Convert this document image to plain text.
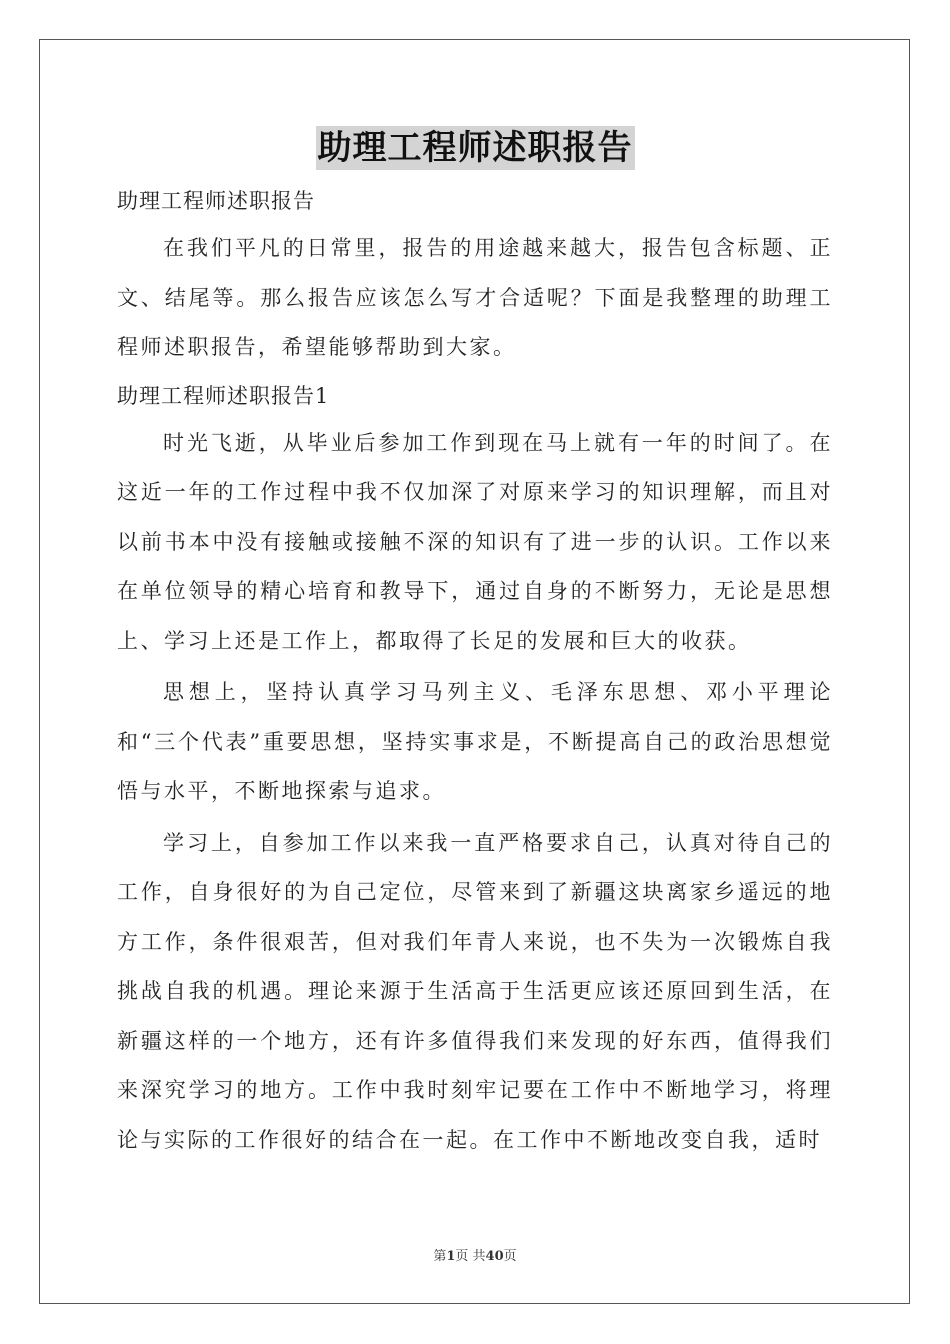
助理工程师述职报告

助理工程师述职报告

在我们平凡的日常里，报告的用途越来越大，报告包含标题、正文、结尾等。那么报告应该怎么写才合适呢？下面是我整理的助理工程师述职报告，希望能够帮助到大家。

助理工程师述职报告1

时光飞逝，从毕业后参加工作到现在马上就有一年的时间了。在这近一年的工作过程中我不仅加深了对原来学习的知识理解，而且对以前书本中没有接触或接触不深的知识有了进一步的认识。工作以来在单位领导的精心培育和教导下，通过自身的不断努力，无论是思想上、学习上还是工作上，都取得了长足的发展和巨大的收获。

思想上，坚持认真学习马列主义、毛泽东思想、邓小平理论和“三个代表”重要思想，坚持实事求是，不断提高自己的政治思想觉悟与水平，不断地探索与追求。

学习上，自参加工作以来我一直严格要求自己，认真对待自己的工作，自身很好的为自己定位，尽管来到了新疆这块离家乡遥远的地方工作，条件很艰苦，但对我们年青人来说，也不失为一次锻炼自我挑战自我的机遇。理论来源于生活高于生活更应该还原回到生活，在新疆这样的一个地方，还有许多值得我们来发现的好东西，值得我们来深究学习的地方。工作中我时刻牢记要在工作中不断地学习，将理论与实际的工作很好的结合在一起。在工作中不断地改变自我，适时

第1页 共40页
